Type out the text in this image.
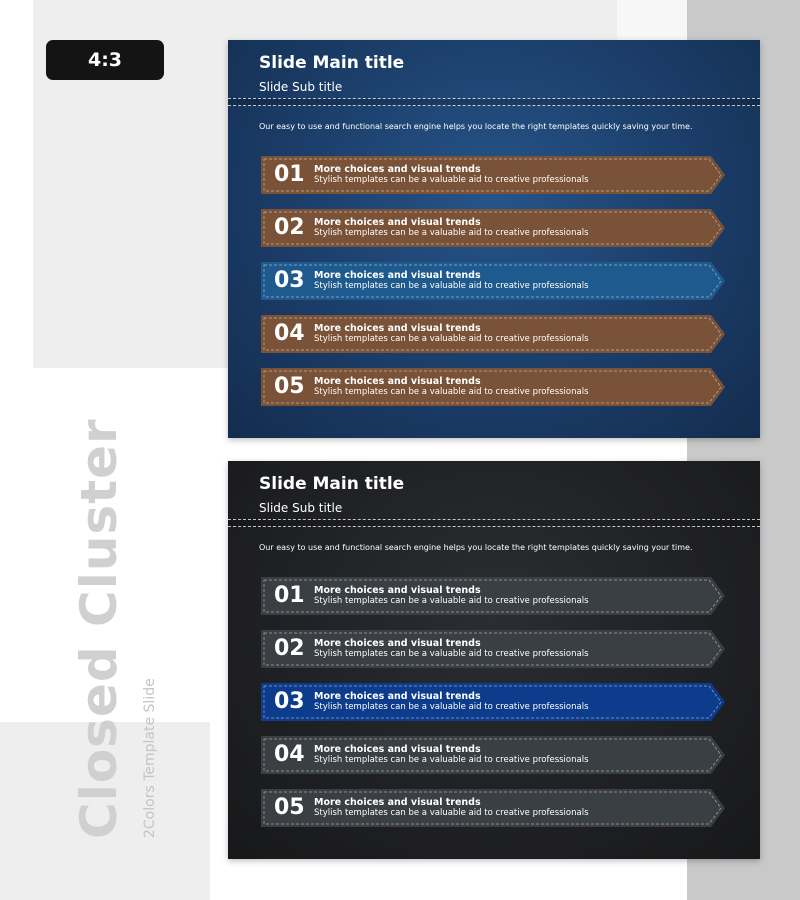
4:3
Closed Cluster 2Colors Template Slide
Slide Main title
Slide Sub title
Our easy to use and functional search engine helps you locate the right templates quickly saving your time.
01 More choices and visual trends
Stylish templates can be a valuable aid to creative professionals
02 More choices and visual trends
Stylish templates can be a valuable aid to creative professionals
03 More choices and visual trends
Stylish templates can be a valuable aid to creative professionals
04 More choices and visual trends
Stylish templates can be a valuable aid to creative professionals
05 More choices and visual trends
Stylish templates can be a valuable aid to creative professionals
Slide Main title
Slide Sub title
Our easy to use and functional search engine helps you locate the right templates quickly saving your time.
01 More choices and visual trends
Stylish templates can be a valuable aid to creative professionals
02 More choices and visual trends
Stylish templates can be a valuable aid to creative professionals
03 More choices and visual trends
Stylish templates can be a valuable aid to creative professionals
04 More choices and visual trends
Stylish templates can be a valuable aid to creative professionals
05 More choices and visual trends
Stylish templates can be a valuable aid to creative professionals
